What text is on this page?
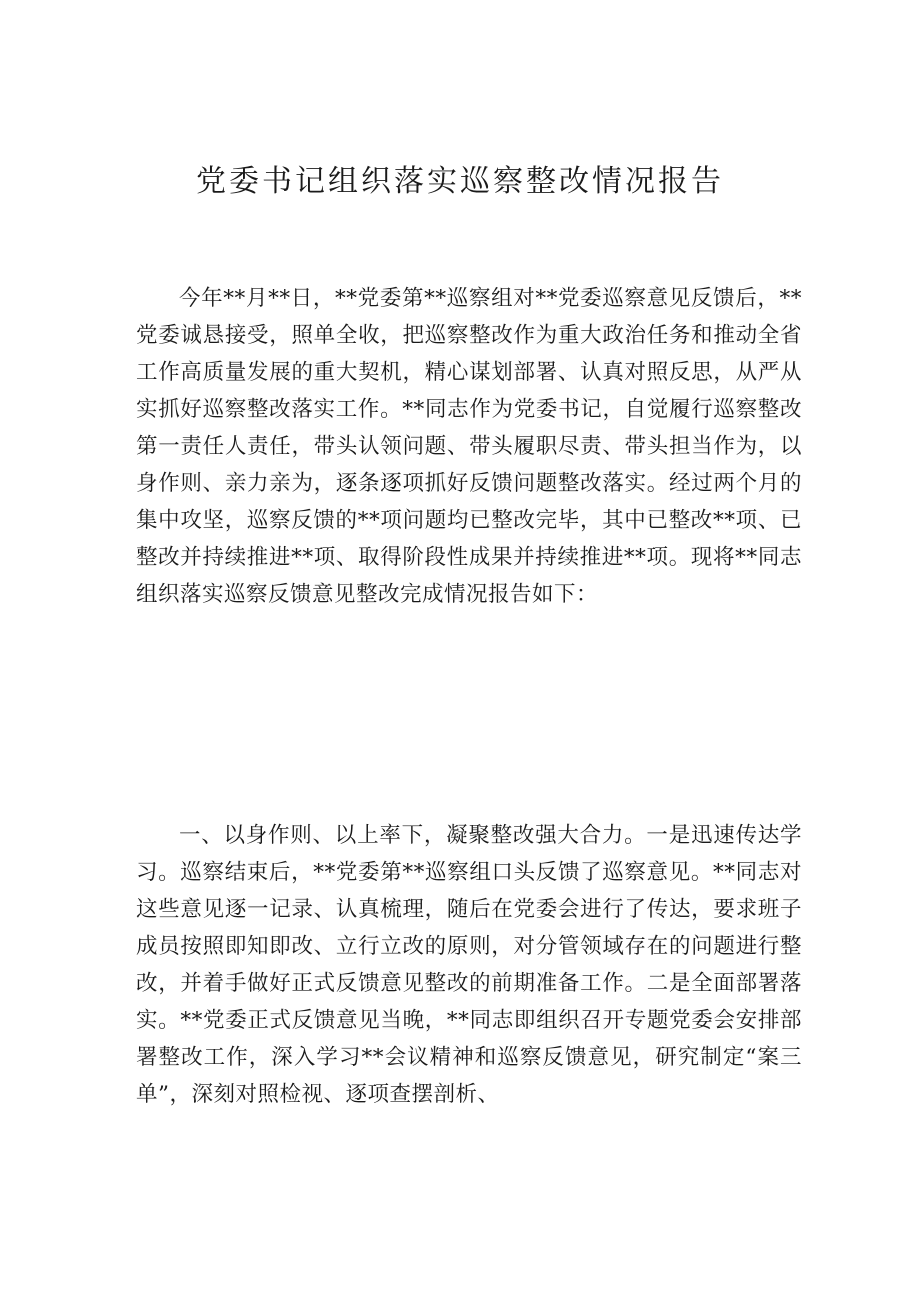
党委书记组织落实巡察整改情况报告

今年**月**日，**党委第**巡察组对**党委巡察意见反馈后，**党委诚恳接受，照单全收，把巡察整改作为重大政治任务和推动全省工作高质量发展的重大契机，精心谋划部署、认真对照反思，从严从实抓好巡察整改落实工作。**同志作为党委书记，自觉履行巡察整改第一责任人责任，带头认领问题、带头履职尽责、带头担当作为，以身作则、亲力亲为，逐条逐项抓好反馈问题整改落实。经过两个月的集中攻坚，巡察反馈的**项问题均已整改完毕，其中已整改**项、已整改并持续推进**项、取得阶段性成果并持续推进**项。现将**同志组织落实巡察反馈意见整改完成情况报告如下：

一、以身作则、以上率下，凝聚整改强大合力。一是迅速传达学习。巡察结束后，**党委第**巡察组口头反馈了巡察意见。**同志对这些意见逐一记录、认真梳理，随后在党委会进行了传达，要求班子成员按照即知即改、立行立改的原则，对分管领域存在的问题进行整改，并着手做好正式反馈意见整改的前期准备工作。二是全面部署落实。**党委正式反馈意见当晚，**同志即组织召开专题党委会安排部署整改工作，深入学习**会议精神和巡察反馈意见，研究制定“案三单”，深刻对照检视、逐项查摆剖析、
